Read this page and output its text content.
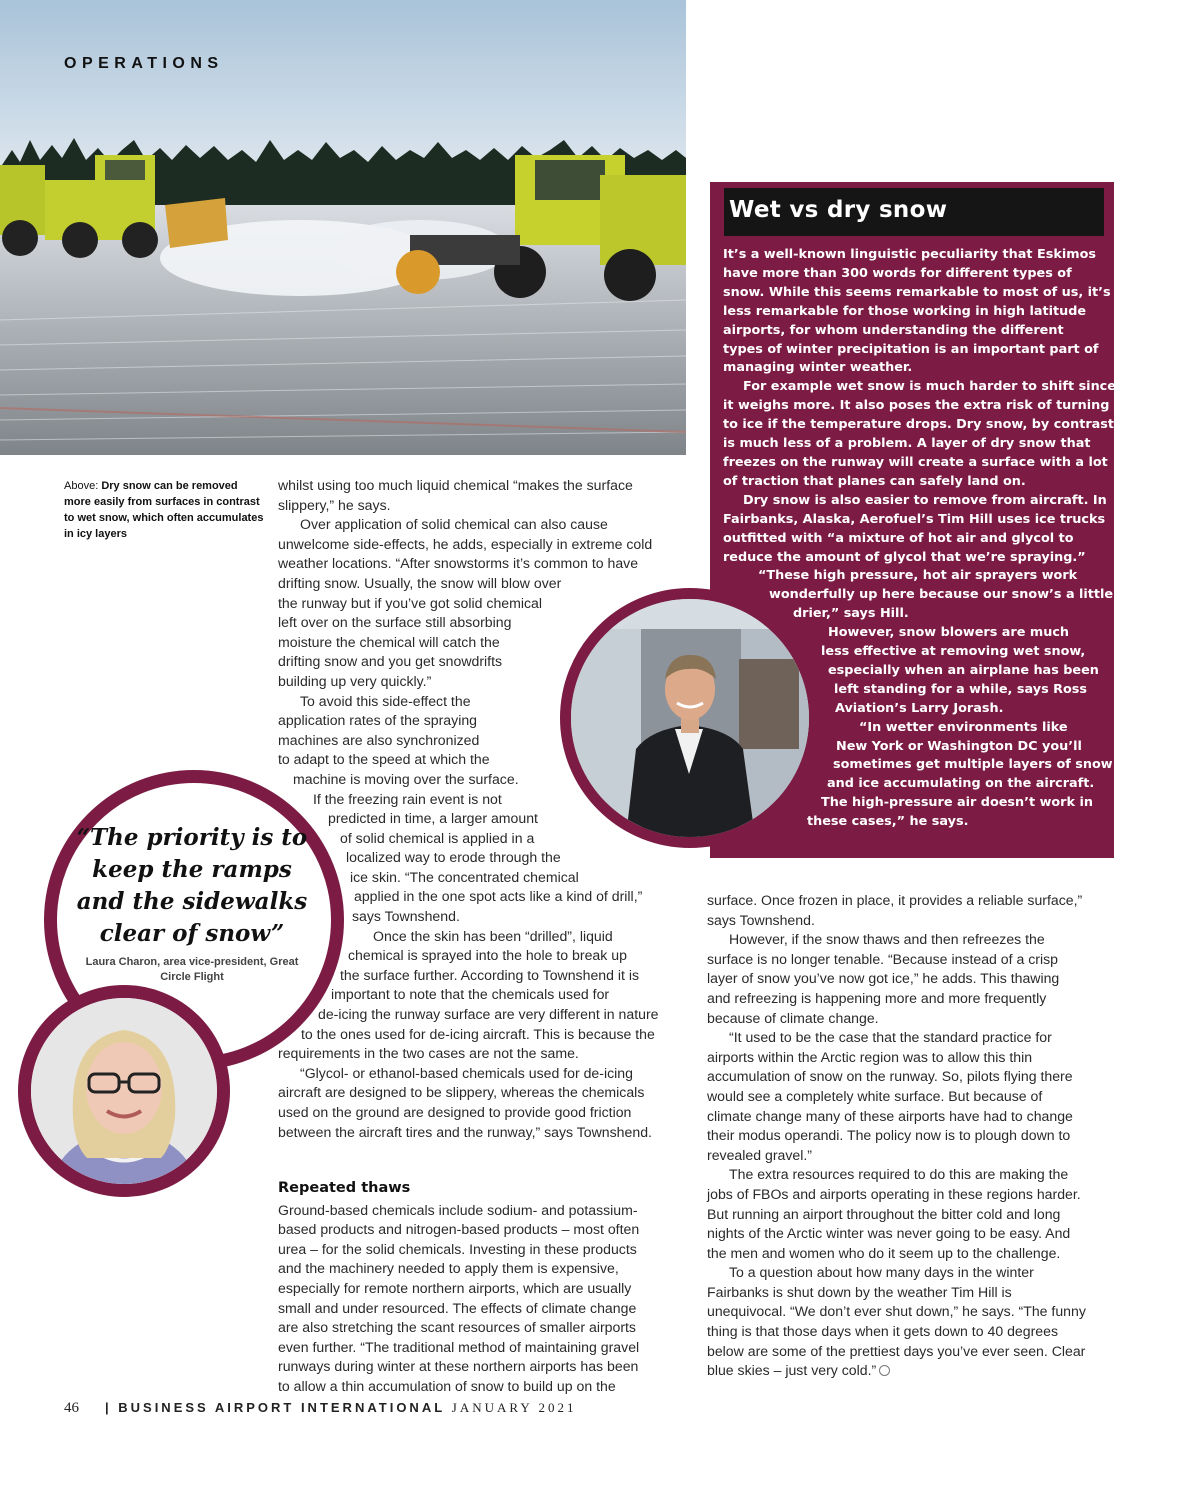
OPERATIONS
Above: Dry snow can be removed more easily from surfaces in contrast to wet snow, which often accumulates in icy layers
Wet vs dry snow

It’s a well-known linguistic peculiarity that Eskimos

have more than 300 words for different types of

snow. While this seems remarkable to most of us, it’s

less remarkable for those working in high latitude

airports, for whom understanding the different

types of winter precipitation is an important part of

managing winter weather.

For example wet snow is much harder to shift since

it weighs more. It also poses the extra risk of turning

to ice if the temperature drops. Dry snow, by contrast,

is much less of a problem. A layer of dry snow that

freezes on the runway will create a surface with a lot

of traction that planes can safely land on.

Dry snow is also easier to remove from aircraft. In

Fairbanks, Alaska, Aerofuel’s Tim Hill uses ice trucks

outfitted with “a mixture of hot air and glycol to

reduce the amount of glycol that we’re spraying.”

“These high pressure, hot air sprayers work

wonderfully up here because our snow’s a little

drier,” says Hill.

However, snow blowers are much

less effective at removing wet snow,

especially when an airplane has been

left standing for a while, says Ross

Aviation’s Larry Jorash.

“In wetter environments like

New York or Washington DC you’ll

sometimes get multiple layers of snow

and ice accumulating on the aircraft.

The high-pressure air doesn’t work in

these cases,” he says.

whilst using too much liquid chemical “makes the surface

slippery,” he says.

Over application of solid chemical can also cause

unwelcome side-effects, he adds, especially in extreme cold

weather locations. “After snowstorms it’s common to have

drifting snow. Usually, the snow will blow over

the runway but if you’ve got solid chemical

left over on the surface still absorbing

moisture the chemical will catch the

drifting snow and you get snowdrifts

building up very quickly.”

To avoid this side-effect the

application rates of the spraying

machines are also synchronized

to adapt to the speed at which the

machine is moving over the surface.

If the freezing rain event is not

predicted in time, a larger amount

of solid chemical is applied in a

localized way to erode through the

ice skin. “The concentrated chemical

applied in the one spot acts like a kind of drill,”

says Townshend.

Once the skin has been “drilled”, liquid

chemical is sprayed into the hole to break up

the surface further. According to Townshend it is

important to note that the chemicals used for

de-icing the runway surface are very different in nature

to the ones used for de-icing aircraft. This is because the

requirements in the two cases are not the same.

“Glycol- or ethanol-based chemicals used for de-icing

aircraft are designed to be slippery, whereas the chemicals

used on the ground are designed to provide good friction

between the aircraft tires and the runway,” says Townshend.

“The priority is to keep the ramps and the sidewalks clear of snow”
Laura Charon, area vice-president, Great Circle Flight
Repeated thaws

Ground-based chemicals include sodium- and potassium-

based products and nitrogen-based products – most often

urea – for the solid chemicals. Investing in these products

and the machinery needed to apply them is expensive,

especially for remote northern airports, which are usually

small and under resourced. The effects of climate change

are also stretching the scant resources of smaller airports

even further. “The traditional method of maintaining gravel

runways during winter at these northern airports has been

to allow a thin accumulation of snow to build up on the

surface. Once frozen in place, it provides a reliable surface,”

says Townshend.

However, if the snow thaws and then refreezes the

surface is no longer tenable. “Because instead of a crisp

layer of snow you’ve now got ice,” he adds. This thawing

and refreezing is happening more and more frequently

because of climate change.

“It used to be the case that the standard practice for

airports within the Arctic region was to allow this thin

accumulation of snow on the runway. So, pilots flying there

would see a completely white surface. But because of

climate change many of these airports have had to change

their modus operandi. The policy now is to plough down to

revealed gravel.”

The extra resources required to do this are making the

jobs of FBOs and airports operating in these regions harder.

But running an airport throughout the bitter cold and long

nights of the Arctic winter was never going to be easy. And

the men and women who do it seem up to the challenge.

To a question about how many days in the winter

Fairbanks is shut down by the weather Tim Hill is

unequivocal. “We don’t ever shut down,” he says. “The funny

thing is that those days when it gets down to 40 degrees

below are some of the prettiest days you’ve ever seen. Clear

blue skies – just very cold.”

46 | BUSINESS AIRPORT INTERNATIONAL JANUARY 2021
